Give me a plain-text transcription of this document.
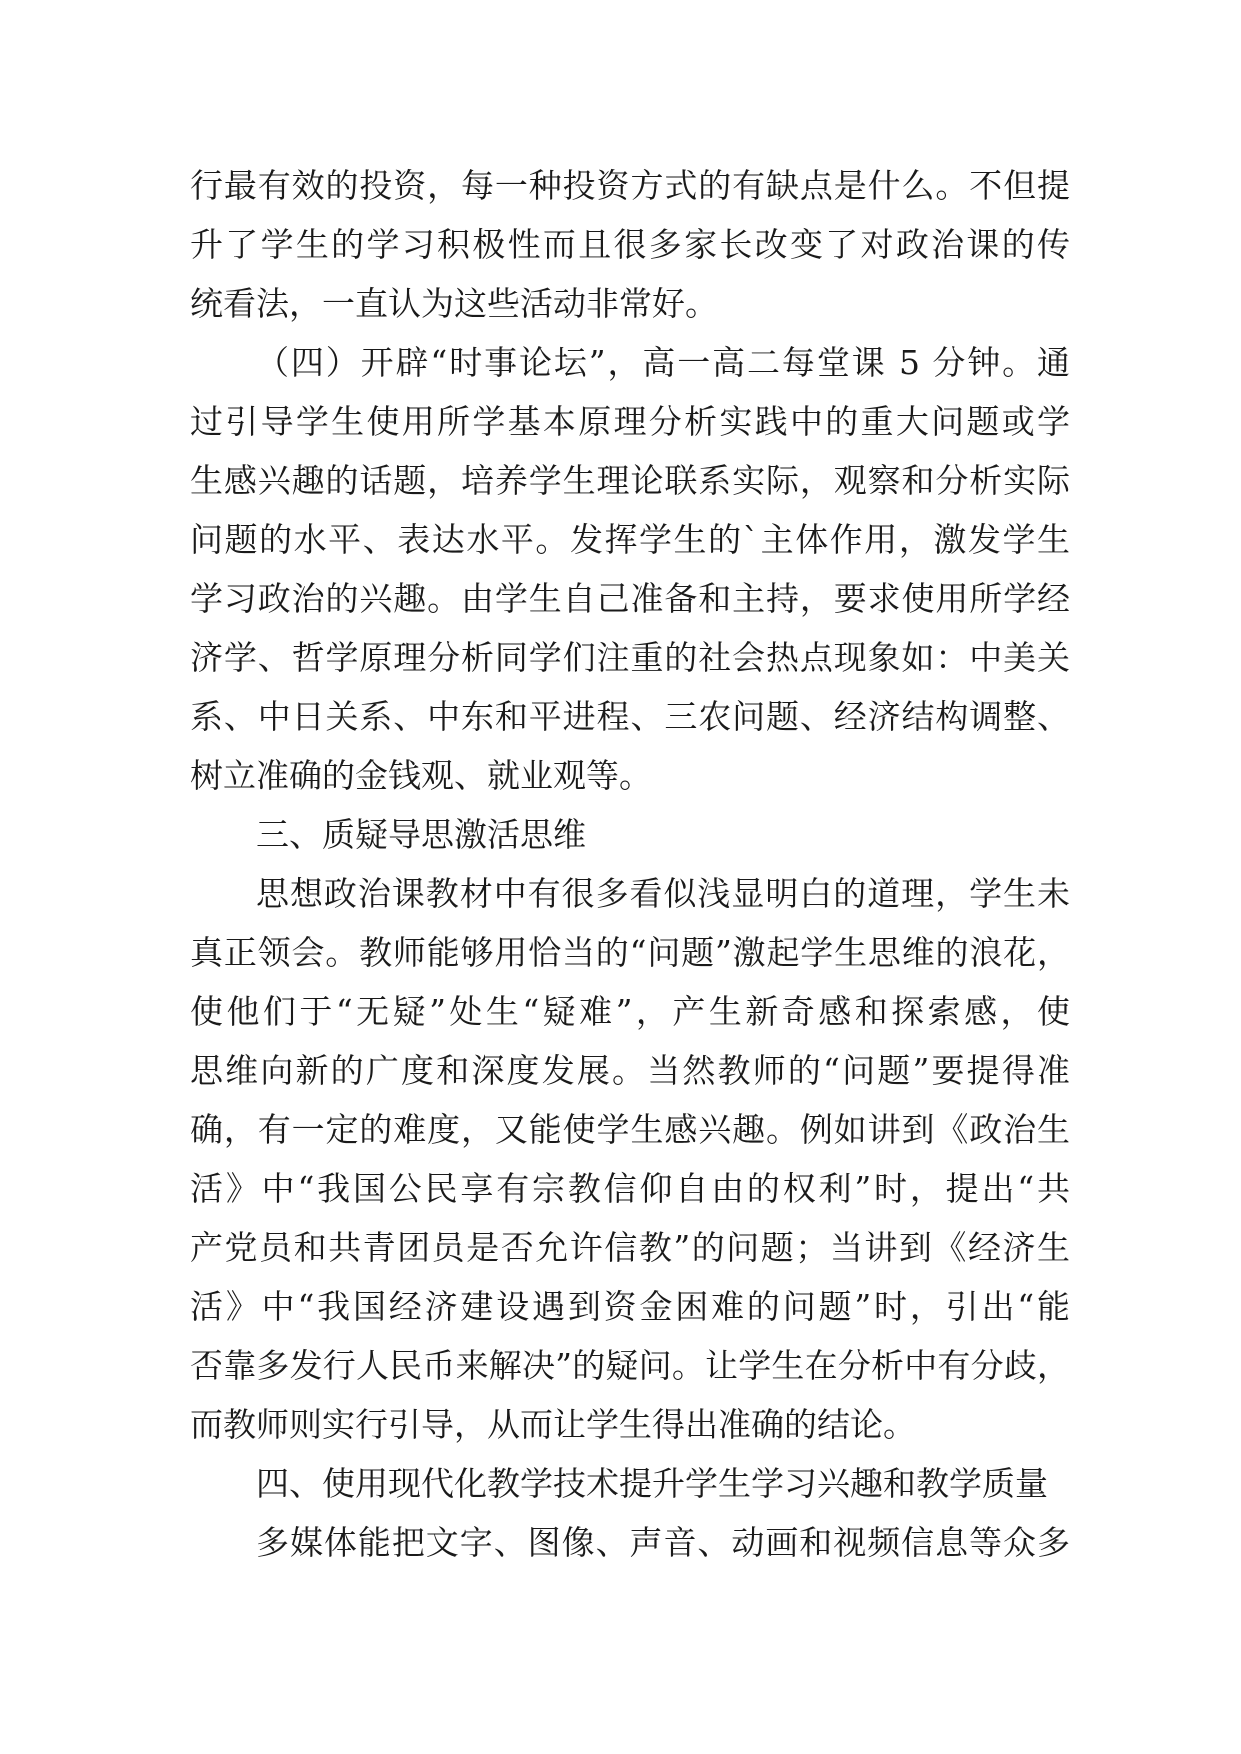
行最有效的投资，每一种投资方式的有缺点是什么。不但提
升了学生的学习积极性而且很多家长改变了对政治课的传
统看法，一直认为这些活动非常好。
（四）开辟“时事论坛”，高一高二每堂课 5 分钟。通
过引导学生使用所学基本原理分析实践中的重大问题或学
生感兴趣的话题，培养学生理论联系实际，观察和分析实际
问题的水平、表达水平。发挥学生的`主体作用，激发学生
学习政治的兴趣。由学生自己准备和主持，要求使用所学经
济学、哲学原理分析同学们注重的社会热点现象如：中美关
系、中日关系、中东和平进程、三农问题、经济结构调整、
树立准确的金钱观、就业观等。
三、质疑导思激活思维
思想政治课教材中有很多看似浅显明白的道理，学生未
真正领会。教师能够用恰当的“问题”激起学生思维的浪花，
使他们于“无疑”处生“疑难”，产生新奇感和探索感，使
思维向新的广度和深度发展。当然教师的“问题”要提得准
确，有一定的难度，又能使学生感兴趣。例如讲到《政治生
活》中“我国公民享有宗教信仰自由的权利”时，提出“共
产党员和共青团员是否允许信教”的问题；当讲到《经济生
活》中“我国经济建设遇到资金困难的问题”时，引出“能
否靠多发行人民币来解决”的疑问。让学生在分析中有分歧，
而教师则实行引导，从而让学生得出准确的结论。
四、使用现代化教学技术提升学生学习兴趣和教学质量
多媒体能把文字、图像、声音、动画和视频信息等众多
